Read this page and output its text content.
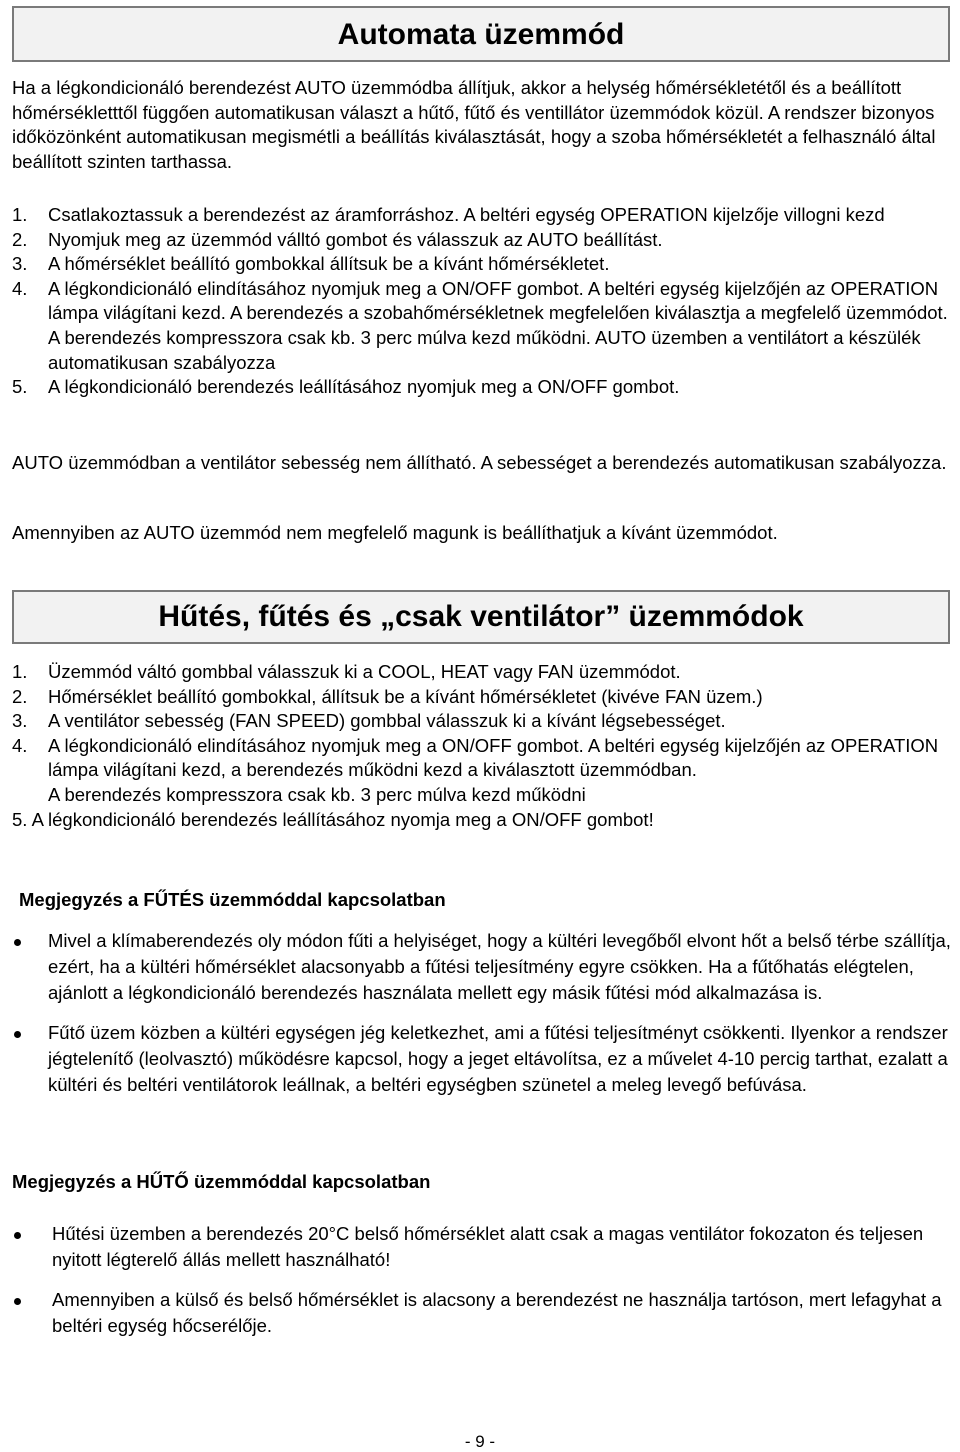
Automata üzemmód

Ha a légkondicionáló berendezést AUTO üzemmódba állítjuk, akkor a helység hőmérsékletétől és a beállított hőmérsékletttől függően automatikusan választ a hűtő, fűtő és ventillátor üzemmódok közül. A rendszer bizonyos időközönként automatikusan megismétli a beállítás kiválasztását, hogy a szoba hőmérsékletét a felhasználó által beállított szinten tarthassa.

1. Csatlakoztassuk a berendezést az áramforráshoz. A beltéri egység OPERATION kijelzője villogni kezd
2. Nyomjuk meg az üzemmód válltó gombot és válasszuk az AUTO beállítást.
3. A hőmérséklet beállító gombokkal állítsuk be a kívánt hőmérsékletet.
4. A légkondicionáló elindításához nyomjuk meg a ON/OFF gombot. A beltéri egység kijelzőjén az OPERATION lámpa világítani kezd. A berendezés a szobahőmérsékletnek megfelelően kiválasztja a megfelelő üzemmódot. A berendezés kompresszora csak kb. 3 perc múlva kezd működni. AUTO üzemben a ventilátort a készülék automatikusan szabályozza
5. A légkondicionáló berendezés leállításához nyomjuk meg a ON/OFF gombot.

AUTO üzemmódban a ventilátor sebesség nem állítható. A sebességet a berendezés automatikusan szabályozza.

Amennyiben az AUTO üzemmód nem megfelelő magunk is beállíthatjuk a kívánt üzemmódot.

Hűtés, fűtés és „csak ventilátor” üzemmódok
1. Üzemmód váltó gombbal válasszuk ki a COOL, HEAT vagy FAN üzemmódot.
2. Hőmérséklet beállító gombokkal, állítsuk be a kívánt hőmérsékletet (kivéve FAN üzem.)
3. A ventilátor sebesség (FAN SPEED) gombbal válasszuk ki a kívánt légsebességet.
4. A légkondicionáló elindításához nyomjuk meg a ON/OFF gombot. A beltéri egység kijelzőjén az OPERATION lámpa világítani kezd, a berendezés működni kezd a kiválasztott üzemmódban.
A berendezés kompresszora csak kb. 3 perc múlva kezd működni
5. A légkondicionáló berendezés leállításához nyomja meg a ON/OFF gombot!

Megjegyzés a FŰTÉS üzemmóddal kapcsolatban

Mivel a klímaberendezés oly módon fűti a helyiséget, hogy a kültéri levegőből elvont hőt a belső térbe szállítja, ezért, ha a kültéri hőmérséklet alacsonyabb a fűtési teljesítmény egyre csökken. Ha a fűtőhatás elégtelen, ajánlott a légkondicionáló berendezés használata mellett egy másik fűtési mód alkalmazása is.
Fűtő üzem közben a kültéri egységen jég keletkezhet, ami a fűtési teljesítményt csökkenti. Ilyenkor a rendszer jégtelenítő (leolvasztó) működésre kapcsol, hogy a jeget eltávolítsa, ez a művelet 4-10 percig tarthat, ezalatt a kültéri és beltéri ventilátorok leállnak, a beltéri egységben szünetel a meleg levegő befúvása.

Megjegyzés a HŰTŐ üzemmóddal kapcsolatban

Hűtési üzemben a berendezés 20°C belső hőmérséklet alatt csak a magas ventilátor fokozaton és teljesen nyitott légterelő állás mellett használható!
Amennyiben a külső és belső hőmérséklet is alacsony a berendezést ne használja tartóson, mert lefagyhat a beltéri egység hőcserélője.
- 9 -
